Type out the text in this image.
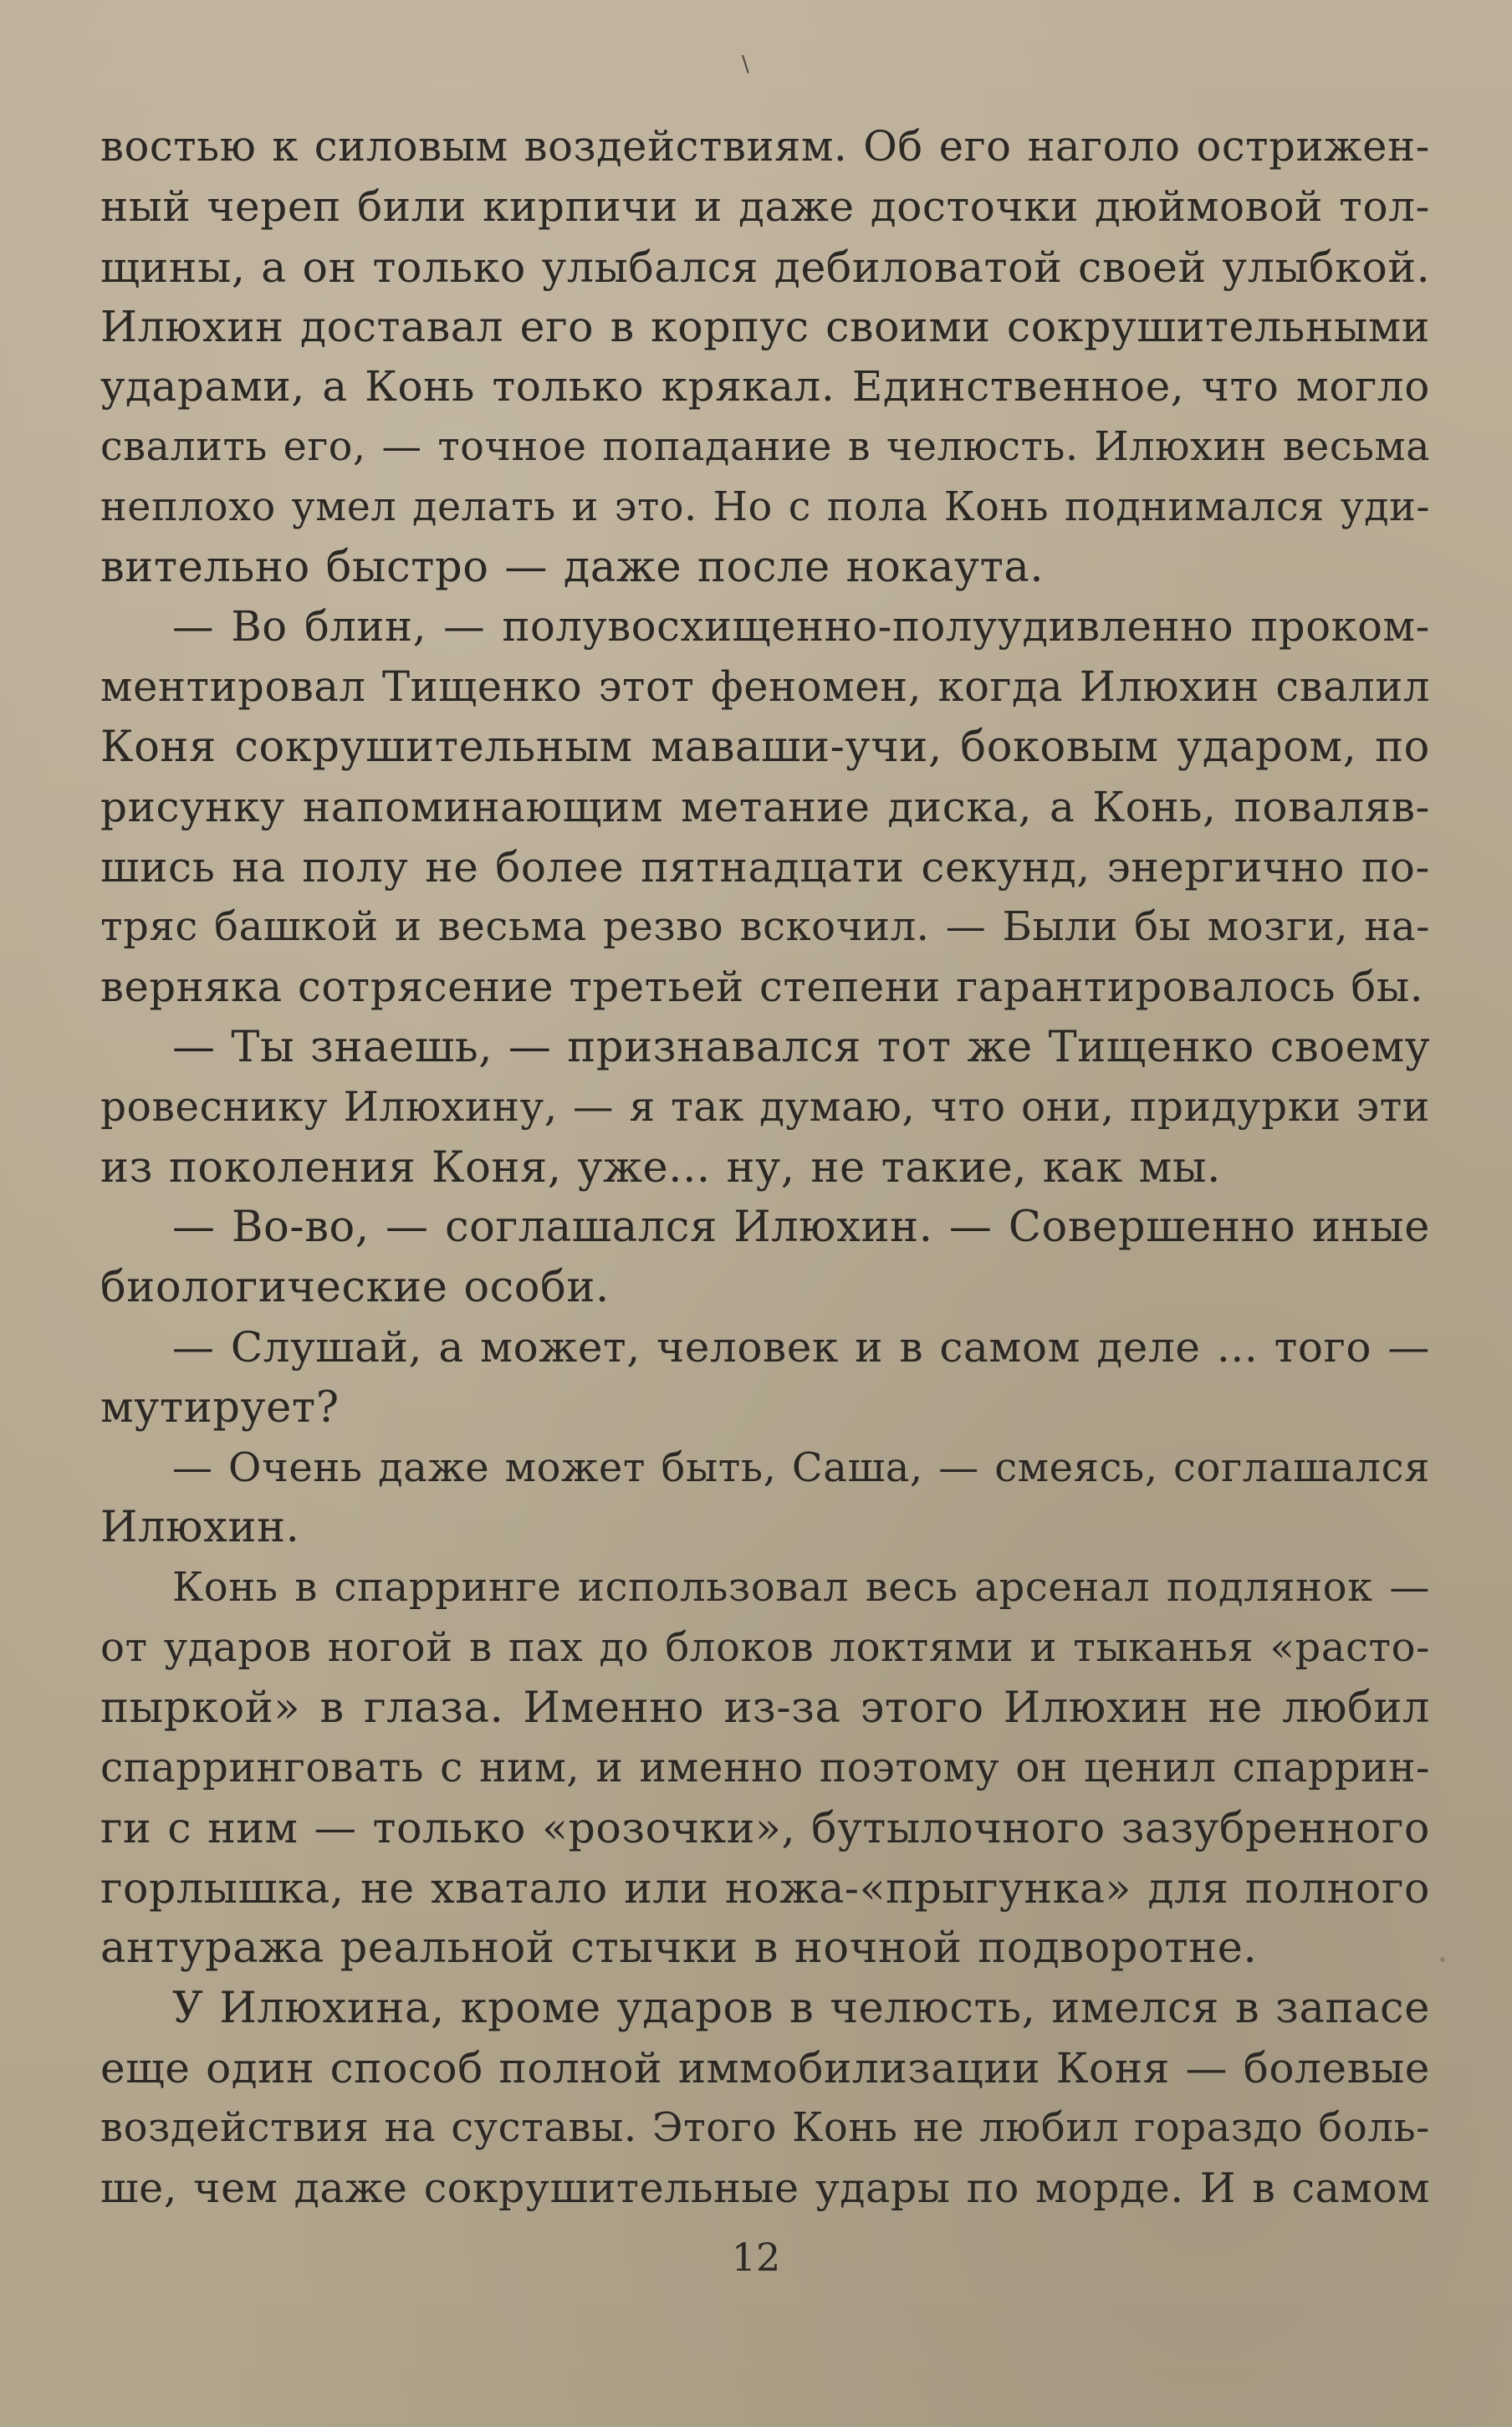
\
востью к силовым воздействиям. Об его наголо острижен-
ный череп били кирпичи и даже досточки дюймовой тол-
щины, а он только улыбался дебиловатой своей улыбкой.
Илюхин доставал его в корпус своими сокрушительными
ударами, а Конь только крякал. Единственное, что могло
свалить его, — точное попадание в челюсть. Илюхин весьма
неплохо умел делать и это. Но с пола Конь поднимался уди-
вительно быстро — даже после нокаута.
— Во блин, — полувосхищенно-полуудивленно проком-
ментировал Тищенко этот феномен, когда Илюхин свалил
Коня сокрушительным маваши-учи, боковым ударом, по
рисунку напоминающим метание диска, а Конь, поваляв-
шись на полу не более пятнадцати секунд, энергично по-
тряс башкой и весьма резво вскочил. — Были бы мозги, на-
верняка сотрясение третьей степени гарантировалось бы.
— Ты знаешь, — признавался тот же Тищенко своему
ровеснику Илюхину, — я так думаю, что они, придурки эти
из поколения Коня, уже... ну, не такие, как мы.
— Во-во, — соглашался Илюхин. — Совершенно иные
биологические особи.
— Слушай, а может, человек и в самом деле ... того —
мутирует?
— Очень даже может быть, Саша, — смеясь, соглашался
Илюхин.
Конь в спарринге использовал весь арсенал подлянок —
от ударов ногой в пах до блоков локтями и тыканья «расто-
пыркой» в глаза. Именно из-за этого Илюхин не любил
спарринговать с ним, и именно поэтому он ценил спаррин-
ги с ним — только «розочки», бутылочного зазубренного
горлышка, не хватало или ножа-«прыгунка» для полного
антуража реальной стычки в ночной подворотне.
У Илюхина, кроме ударов в челюсть, имелся в запасе
еще один способ полной иммобилизации Коня — болевые
воздействия на суставы. Этого Конь не любил гораздо боль-
ше, чем даже сокрушительные удары по морде. И в самом
12
